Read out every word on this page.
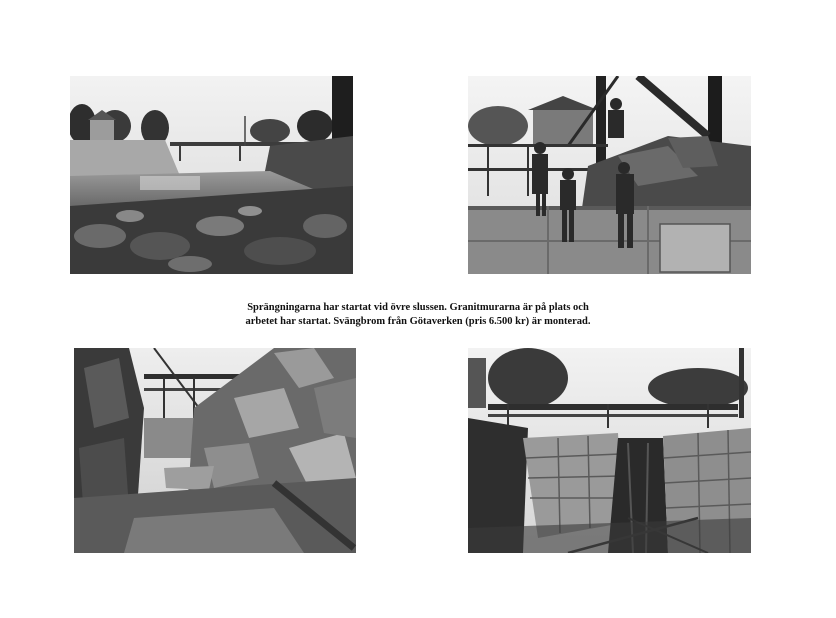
Sprängningarna har startat vid övre slussen. Granitmurarna är på plats och
arbetet har startat. Svängbrom från Götaverken (pris 6.500 kr) är monterad.
